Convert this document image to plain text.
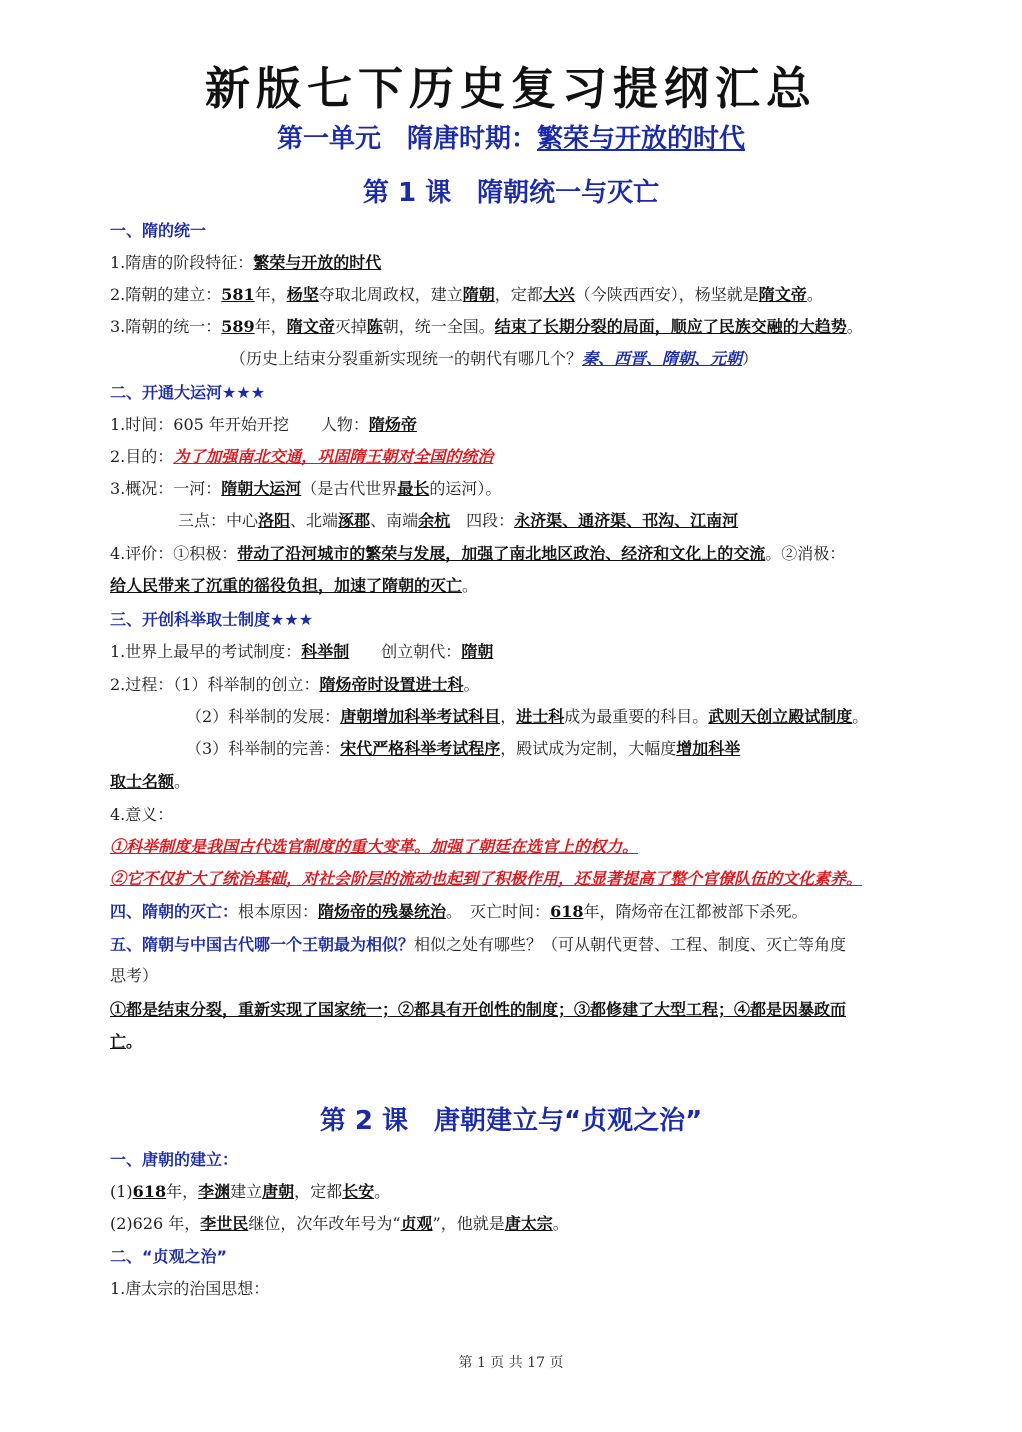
新版七下历史复习提纲汇总
第一单元　隋唐时期：繁荣与开放的时代
第 1 课　隋朝统一与灭亡
一、隋的统一
1.隋唐的阶段特征：繁荣与开放的时代
2.隋朝的建立：581年，杨坚夺取北周政权，建立隋朝，定都大兴（今陕西西安），杨坚就是隋文帝。
3.隋朝的统一：589年，隋文帝灭掉陈朝，统一全国。结束了长期分裂的局面，顺应了民族交融的大趋势。
（历史上结束分裂重新实现统一的朝代有哪几个？秦、西晋、隋朝、元朝）
二、开通大运河★★★
1.时间：605 年开始开挖　　人物：隋炀帝
2.目的：为了加强南北交通，巩固隋王朝对全国的统治
3.概况：一河：隋朝大运河（是古代世界最长的运河）。
三点：中心洛阳、北端涿郡、南端余杭　四段：永济渠、通济渠、邗沟、江南河
4.评价：①积极：带动了沿河城市的繁荣与发展，加强了南北地区政治、经济和文化上的交流。②消极：
给人民带来了沉重的徭役负担，加速了隋朝的灭亡。
三、开创科举取士制度★★★
1.世界上最早的考试制度：科举制　　创立朝代：隋朝
2.过程：（1）科举制的创立：隋炀帝时设置进士科。
（2）科举制的发展：唐朝增加科举考试科目，进士科成为最重要的科目。武则天创立殿试制度。
（3）科举制的完善：宋代严格科举考试程序，殿试成为定制，大幅度增加科举
取士名额。
4.意义：
①科举制度是我国古代选官制度的重大变革。加强了朝廷在选官上的权力。
②它不仅扩大了统治基础，对社会阶层的流动也起到了积极作用，还显著提高了整个官僚队伍的文化素养。
四、隋朝的灭亡：根本原因：隋炀帝的残暴统治。　灭亡时间：618年，隋炀帝在江都被部下杀死。
五、隋朝与中国古代哪一个王朝最为相似？相似之处有哪些？（可从朝代更替、工程、制度、灭亡等角度
思考）
①都是结束分裂，重新实现了国家统一；②都具有开创性的制度；③都修建了大型工程；④都是因暴政而
亡。
第 2 课　唐朝建立与“贞观之治”
一、唐朝的建立：
(1)618年，李渊建立唐朝，定都长安。
(2)626 年，李世民继位，次年改年号为“贞观”，他就是唐太宗。
二、“贞观之治”
1.唐太宗的治国思想：
第 1 页 共 17 页
